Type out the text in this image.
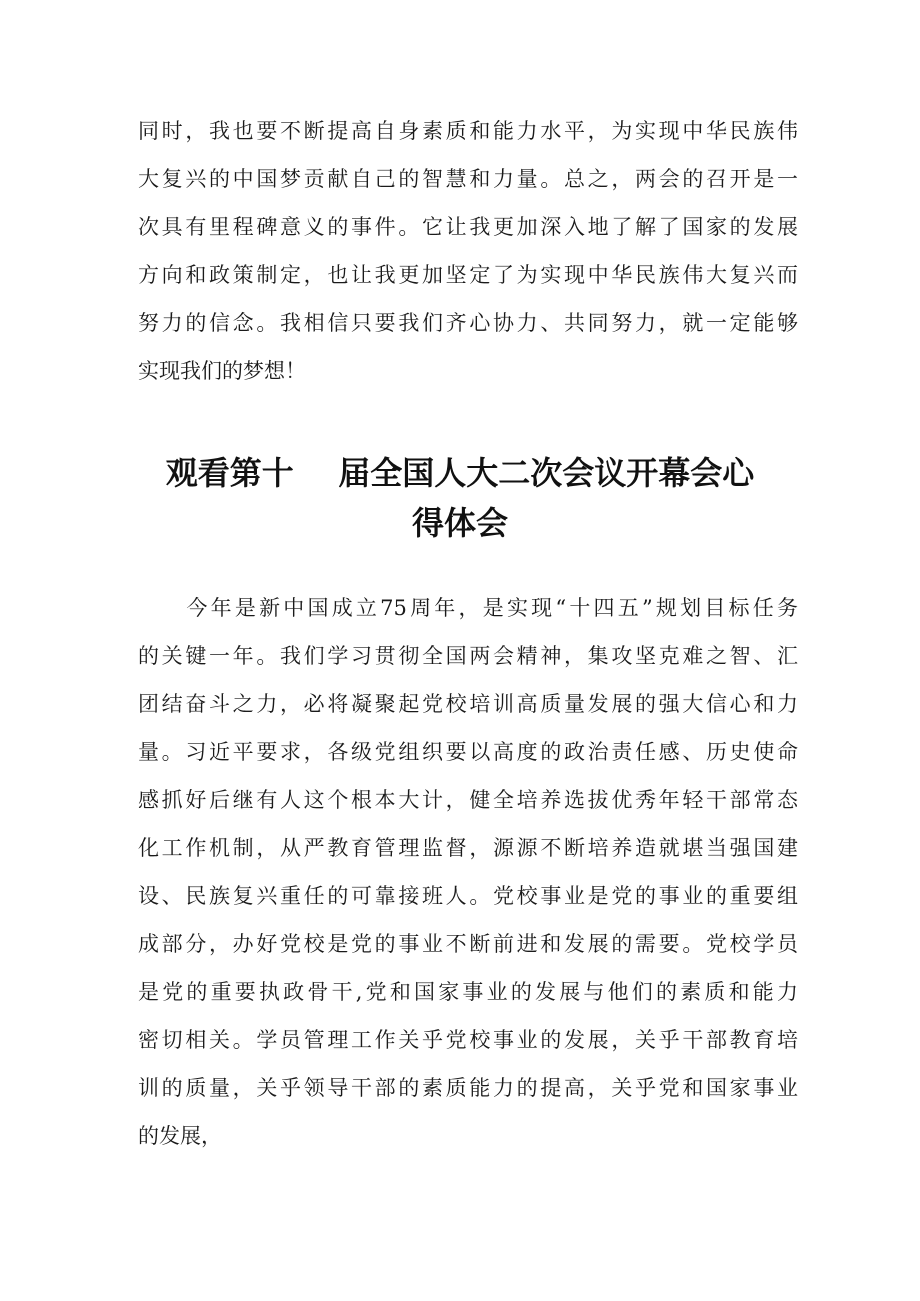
同时，我也要不断提高自身素质和能力水平，为实现中华民族伟
大复兴的中国梦贡献自己的智慧和力量。总之，两会的召开是一
次具有里程碑意义的事件。它让我更加深入地了解了国家的发展
方向和政策制定，也让我更加坚定了为实现中华民族伟大复兴而
努力的信念。我相信只要我们齐心协力、共同努力，就一定能够
实现我们的梦想！
观看第十    届全国人大二次会议开幕会心
得体会
　　今年是新中国成立75周年，是实现“十四五”规划目标任务
的关键一年。我们学习贯彻全国两会精神，集攻坚克难之智、汇
团结奋斗之力，必将凝聚起党校培训高质量发展的强大信心和力
量。习近平要求，各级党组织要以高度的政治责任感、历史使命
感抓好后继有人这个根本大计，健全培养选拔优秀年轻干部常态
化工作机制，从严教育管理监督，源源不断培养造就堪当强国建
设、民族复兴重任的可靠接班人。党校事业是党的事业的重要组
成部分，办好党校是党的事业不断前进和发展的需要。党校学员
是党的重要执政骨干,党和国家事业的发展与他们的素质和能力
密切相关。学员管理工作关乎党校事业的发展，关乎干部教育培
训的质量，关乎领导干部的素质能力的提高，关乎党和国家事业
的发展，
